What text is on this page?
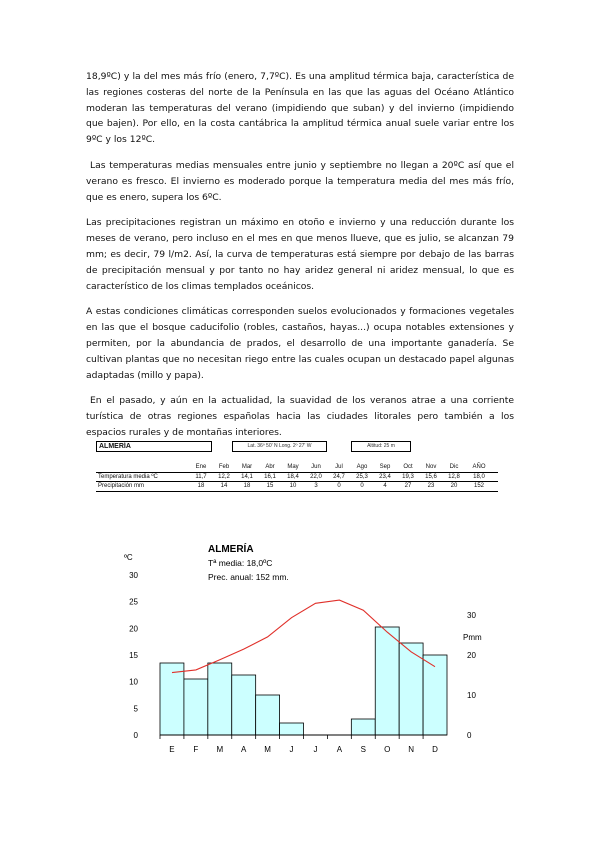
18,9ºC) y la del mes más frío (enero, 7,7ºC). Es una amplitud térmica baja, característica de las regiones costeras del norte de la Península en las que las aguas del Océano Atlántico moderan las temperaturas del verano (impidiendo que suban) y del invierno (impidiendo que bajen). Por ello, en la costa cantábrica la amplitud térmica anual suele variar entre los 9ºC y los 12ºC.

Las temperaturas medias mensuales entre junio y septiembre no llegan a 20ºC así que el verano es fresco. El invierno es moderado porque la temperatura media del mes más frío, que es enero, supera los 6ºC.

Las precipitaciones registran un máximo en otoño e invierno y una reducción durante los meses de verano, pero incluso en el mes en que menos llueve, que es julio, se alcanzan 79 mm; es decir, 79 l/m2. Así, la curva de temperaturas está siempre por debajo de las barras de precipitación mensual y por tanto no hay aridez general ni aridez mensual, lo que es característico de los climas templados oceánicos.

A estas condiciones climáticas corresponden suelos evolucionados y formaciones vegetales en las que el bosque caducifolio (robles, castaños, hayas...) ocupa notables extensiones y permiten, por la abundancia de prados, el desarrollo de una importante ganadería. Se cultivan plantas que no necesitan riego entre las cuales ocupan un destacado papel algunas adaptadas (millo y papa).

En el pasado, y aún en la actualidad, la suavidad de los veranos atrae a una corriente turística de otras regiones españolas hacia las ciudades litorales pero también a los espacios rurales y de montañas interiores.

ALMERÍA	Lat. 36º 50' N Long. 2º 27' W	Altitud: 25 m
Ene	Feb	Mar	Abr	May	Jun	Jul	Ago	Sep	Oct	Nov	Dic	AÑO
Temperatura media ºC	11,7	12,2	14,1	16,1	18,4	22,0	24,7	25,3	23,4	19,3	15,6	12,8	18,0
Precipitación mm	18	14	18	15	10	3	0	0	4	27	23	20	152
ALMERÍA
Tª media: 18,0ºC
Prec. anual: 152 mm.
ºC
Pmm
30
25
20
15
10
5
0
30
20
10
0
E F M A M J J A S O N D
